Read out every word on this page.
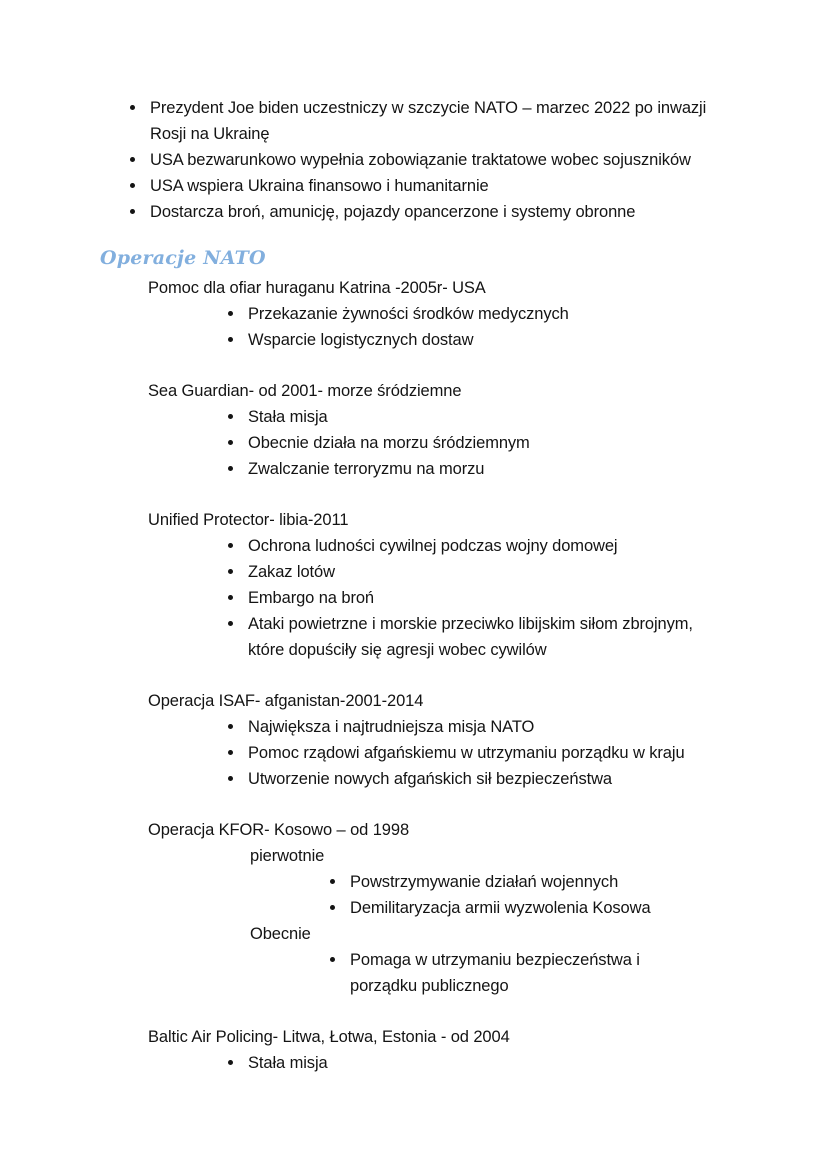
Prezydent Joe biden uczestniczy w szczycie NATO – marzec 2022 po inwazji Rosji na Ukrainę
USA bezwarunkowo wypełnia zobowiązanie traktatowe wobec sojuszników
USA wspiera Ukraina finansowo i humanitarnie
Dostarcza broń, amunicję, pojazdy opancerzone i systemy obronne
Operacje NATO
Pomoc dla ofiar huraganu Katrina -2005r- USA
Przekazanie żywności środków medycznych
Wsparcie logistycznych dostaw
Sea Guardian- od 2001- morze śródziemne
Stała misja
Obecnie działa na morzu śródziemnym
Zwalczanie terroryzmu na morzu
Unified Protector- libia-2011
Ochrona ludności cywilnej podczas wojny domowej
Zakaz lotów
Embargo na broń
Ataki powietrzne i morskie przeciwko libijskim siłom zbrojnym, które dopuściły się agresji wobec cywilów
Operacja ISAF- afganistan-2001-2014
Największa i najtrudniejsza misja NATO
Pomoc rządowi afgańskiemu w utrzymaniu porządku w kraju
Utworzenie nowych afgańskich sił bezpieczeństwa
Operacja KFOR- Kosowo – od 1998
pierwotnie
Powstrzymywanie działań wojennych
Demilitaryzacja armii wyzwolenia Kosowa
Obecnie
Pomaga w utrzymaniu bezpieczeństwa i porządku publicznego
Baltic Air Policing- Litwa, Łotwa, Estonia - od 2004
Stała misja
